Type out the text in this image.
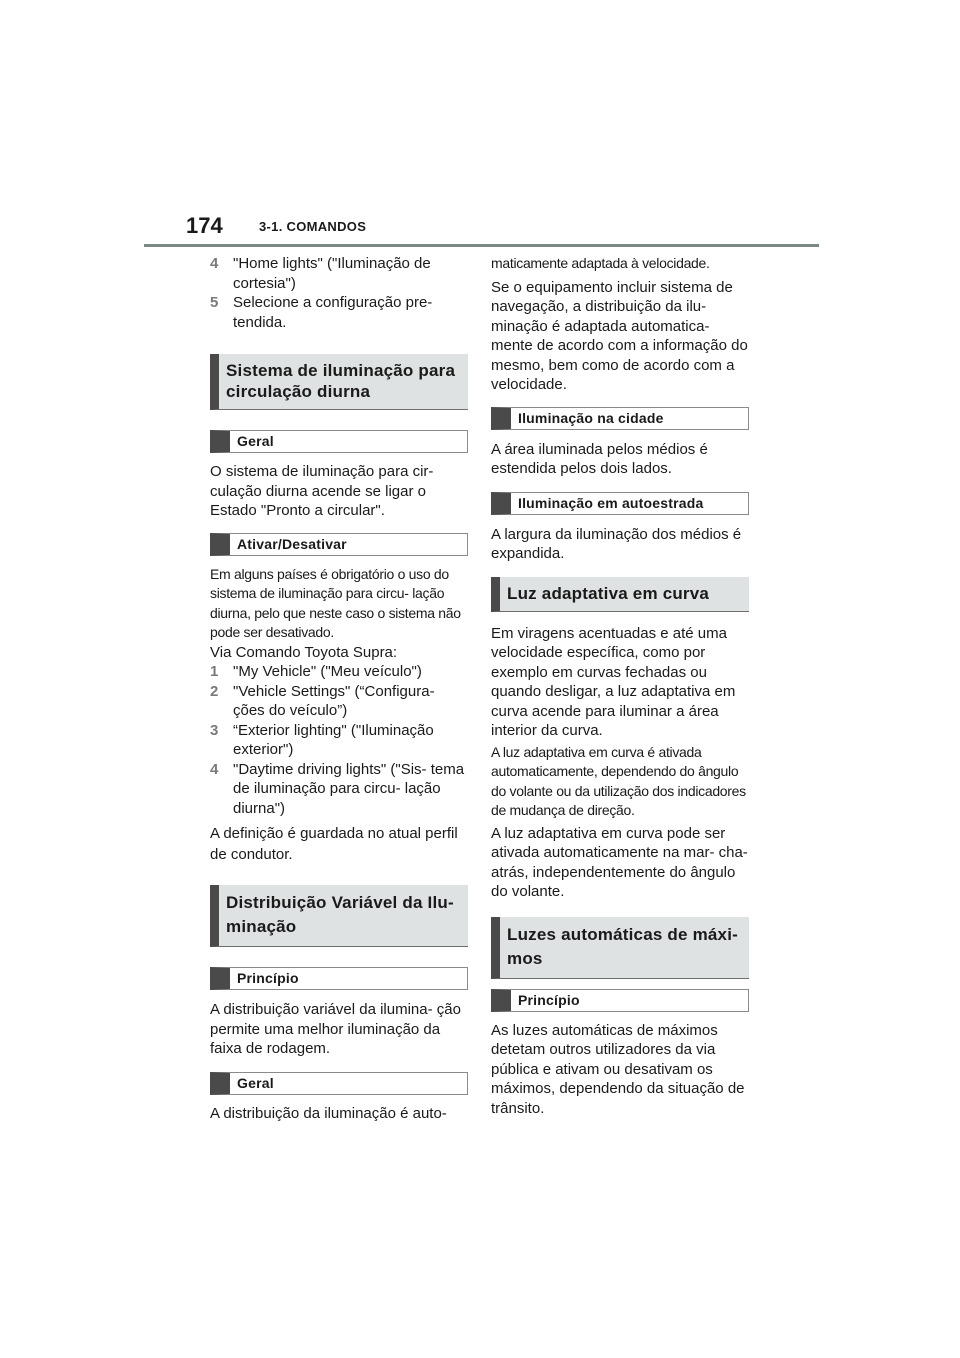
174	3-1. COMANDOS
4 "Home lights" ("Iluminação de cortesia")
5 Selecione a configuração pre- tendida.
Sistema de iluminação para circulação diurna
Geral

O sistema de iluminação para cir- culação diurna acende se ligar o Estado "Pronto a circular".

Ativar/Desativar

Em alguns países é obrigatório o uso do sistema de iluminação para circu- lação diurna, pelo que neste caso o sistema não pode ser desativado.

Via Comando Toyota Supra:

1 "My Vehicle" ("Meu veículo")
2 "Vehicle Settings" (“Configura- ções do veículo”)
3 “Exterior lighting" ("Iluminação exterior")
4 "Daytime driving lights" ("Sis- tema de iluminação para circu- lação diurna")

A definição é guardada no atual perfil de condutor.

Distribuição Variável da Ilu- minação
Princípio

A distribuição variável da ilumina- ção permite uma melhor iluminação da faixa de rodagem.

Geral

A distribuição da iluminação é auto-

maticamente adaptada à velocidade.

Se o equipamento incluir sistema de navegação, a distribuição da ilu- minação é adaptada automatica- mente de acordo com a informação do mesmo, bem como de acordo com a velocidade.

Iluminação na cidade

A área iluminada pelos médios é estendida pelos dois lados.

Iluminação em autoestrada

A largura da iluminação dos médios é expandida.

Luz adaptativa em curva

Em viragens acentuadas e até uma velocidade específica, como por exemplo em curvas fechadas ou quando desligar, a luz adaptativa em curva acende para iluminar a área interior da curva.

A luz adaptativa em curva é ativada automaticamente, dependendo do ângulo do volante ou da utilização dos indicadores de mudança de direção.

A luz adaptativa em curva pode ser ativada automaticamente na mar- cha-atrás, independentemente do ângulo do volante.

Luzes automáticas de máxi- mos
Princípio

As luzes automáticas de máximos detetam outros utilizadores da via pública e ativam ou desativam os máximos, dependendo da situação de trânsito.
